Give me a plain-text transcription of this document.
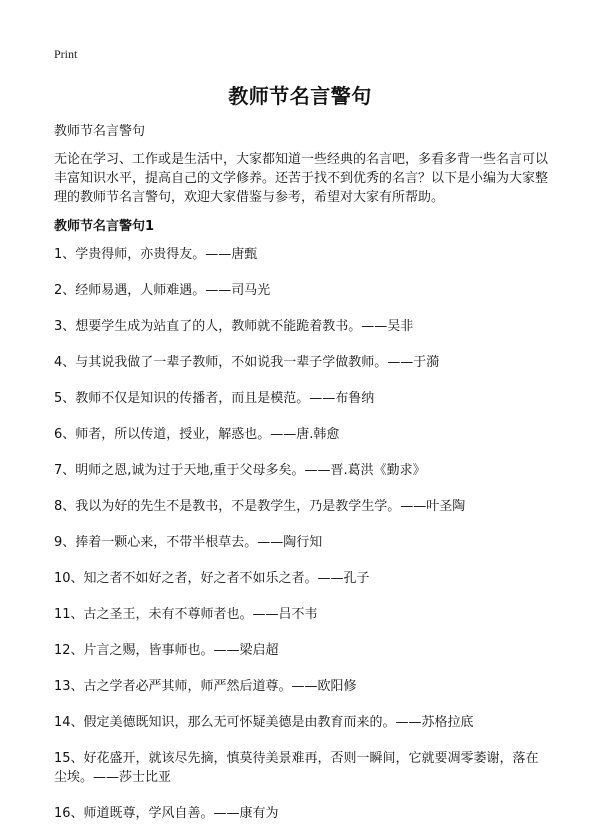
Print
教师节名言警句

教师节名言警句

无论在学习、工作或是生活中，大家都知道一些经典的名言吧，多看多背一些名言可以丰富知识水平，提高自己的文学修养。还苦于找不到优秀的名言？以下是小编为大家整理的教师节名言警句，欢迎大家借鉴与参考，希望对大家有所帮助。

教师节名言警句1
1、学贵得师，亦贵得友。——唐甄
2、经师易遇，人师难遇。——司马光
3、想要学生成为站直了的人，教师就不能跪着教书。——吴非
4、与其说我做了一辈子教师，不如说我一辈子学做教师。——于漪
5、教师不仅是知识的传播者，而且是模范。——布鲁纳
6、师者，所以传道，授业，解惑也。——唐.韩愈
7、明师之恩,诚为过于天地,重于父母多矣。——晋.葛洪《勤求》
8、我以为好的先生不是教书，不是教学生，乃是教学生学。——叶圣陶
9、捧着一颗心来，不带半根草去。——陶行知
10、知之者不如好之者，好之者不如乐之者。——孔子
11、古之圣王，未有不尊师者也。——吕不韦
12、片言之赐，皆事师也。——梁启超
13、古之学者必严其师，师严然后道尊。——欧阳修
14、假定美德既知识，那么无可怀疑美德是由教育而来的。——苏格拉底
15、好花盛开，就该尽先摘，慎莫待美景难再，否则一瞬间，它就要凋零萎谢，落在尘埃。——莎士比亚
16、师道既尊，学风自善。——康有为
